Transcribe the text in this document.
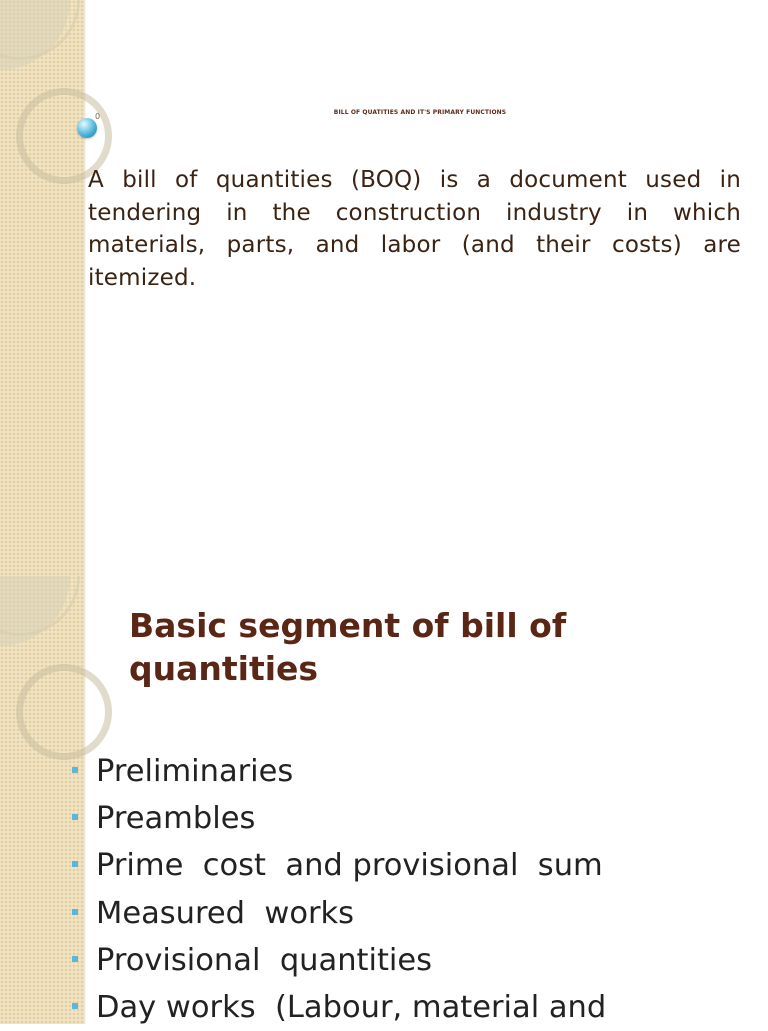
0	BILL OF QUATITIES AND IT'S PRIMARY FUNCTIONS
A bill of quantities (BOQ) is a document used in tendering in the construction industry in which materials, parts, and labor (and their costs) are itemized.
Basic segment of bill of quantities
Preliminaries
Preambles
Prime  cost  and provisional  sum
Measured  works
Provisional  quantities
Day works  (Labour, material and
